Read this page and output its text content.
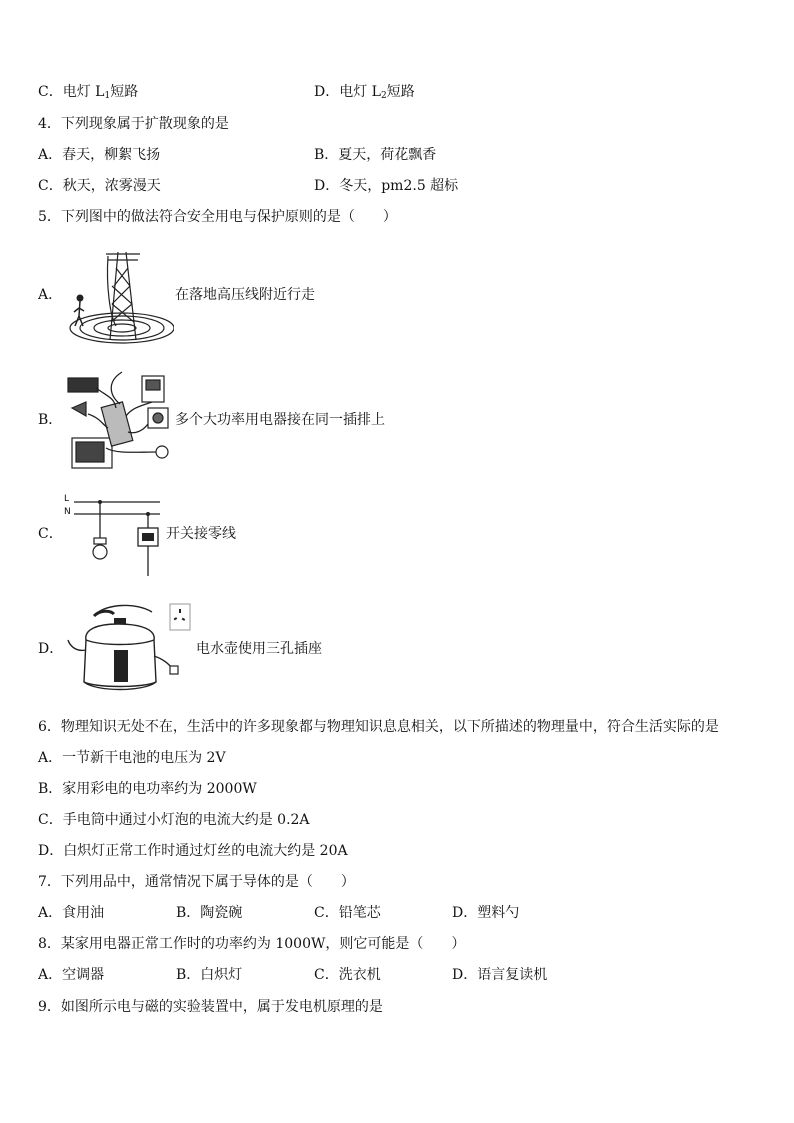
C．电灯 $L_1$短路	D．电灯 $L_2$短路
4．下列现象属于扩散现象的是
A．春天，柳絮飞扬	B．夏天，荷花飘香
C．秋天，浓雾漫天	D．冬天，pm2.5 超标
5．下列图中的做法符合安全用电与保护原则的是（　　）
A．	在落地高压线附近行走
B．	多个大功率用电器接在同一插排上
C．
L
N
开关接零线
D．	电水壶使用三孔插座
6．物理知识无处不在，生活中的许多现象都与物理知识息息相关，以下所描述的物理量中，符合生活实际的是
A．一节新干电池的电压为 2V
B．家用彩电的电功率约为 2000W
C．手电筒中通过小灯泡的电流大约是 0.2A
D．白炽灯正常工作时通过灯丝的电流大约是 20A
7．下列用品中，通常情况下属于导体的是（　　）
A．食用油	B．陶瓷碗	C．铅笔芯	D．塑料勺
8．某家用电器正常工作时的功率约为 1000W，则它可能是（　　）
A．空调器	B．白炽灯	C．洗衣机	D．语言复读机
9．如图所示电与磁的实验装置中，属于发电机原理的是
